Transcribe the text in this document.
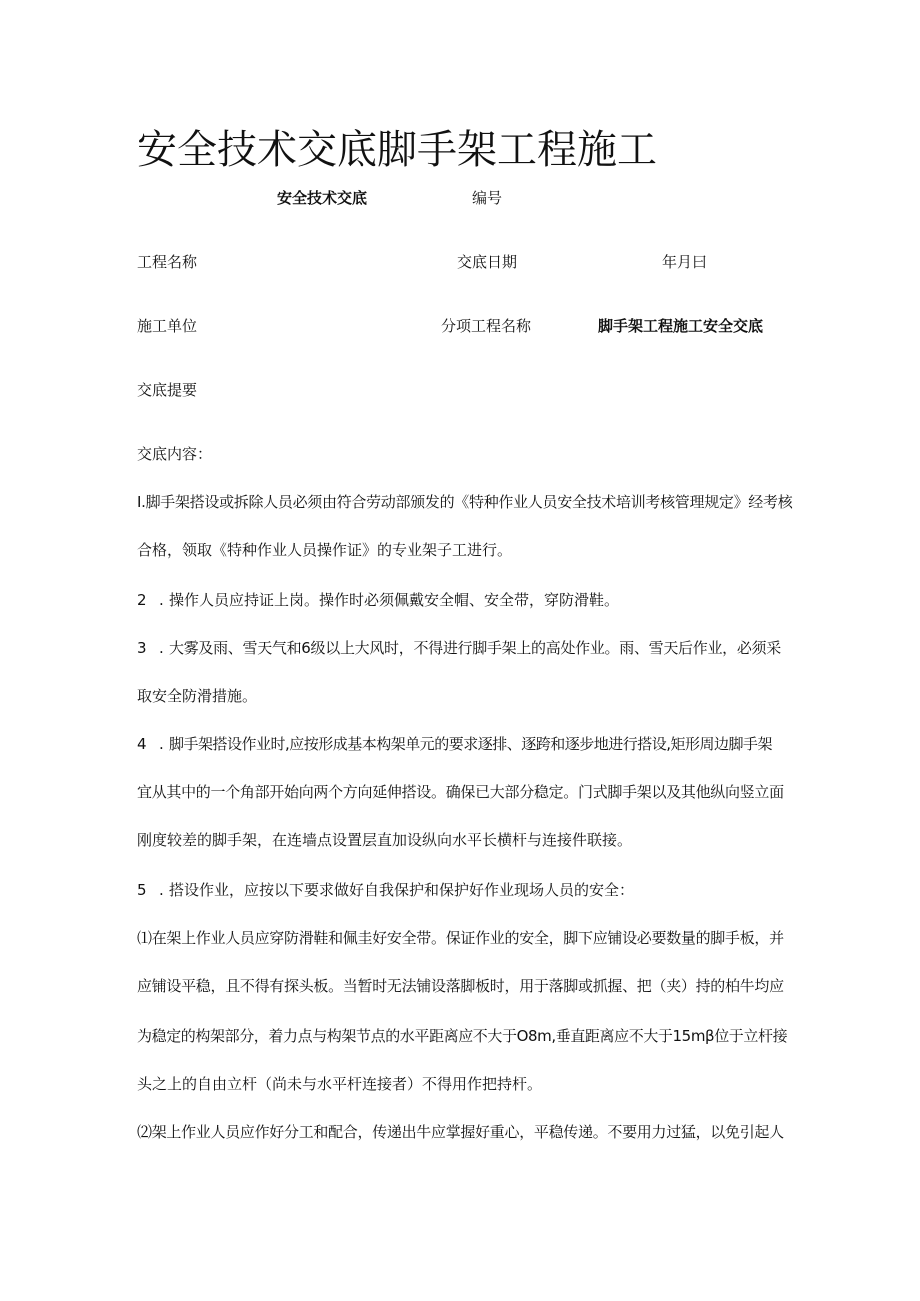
安全技术交底脚手架工程施工
安全技术交底	编号
工程名称	交底日期	年月曰
施工单位	分项工程名称	脚手架工程施工安全交底
交底提要
交底内容：
I.脚手架搭设或拆除人员必须由符合劳动部颁发的《特种作业人员安全技术培训考核管理规定》经考核
合格，领取《特种作业人员操作证》的专业架子工进行。
2 . 操作人员应持证上岗。操作时必须佩戴安全帽、安全带，穿防滑鞋。
3 . 大雾及雨、雪天气和6级以上大风时，不得进行脚手架上的高处作业。雨、雪天后作业，必须采
取安全防滑措施。
4 . 脚手架搭设作业时,应按形成基本构架单元的要求逐排、逐跨和逐步地进行搭设,矩形周边脚手架
宜从其中的一个角部开始向两个方向延伸搭设。确保已大部分稳定。门式脚手架以及其他纵向竖立面
刚度较差的脚手架，在连墙点设置层直加设纵向水平长横杆与连接件联接。
5 . 搭设作业，应按以下要求做好自我保护和保护好作业现场人员的安全：
⑴在架上作业人员应穿防滑鞋和佩圭好安全带。保证作业的安全，脚下应铺设必要数量的脚手板，并
应铺设平稳，且不得有探头板。当暂时无法铺设落脚板时，用于落脚或抓握、把（夹）持的柏牛均应
为稳定的构架部分，着力点与构架节点的水平距离应不大于O8m,垂直距离应不大于15mβ位于立杆接
头之上的自由立杆（尚未与水平杆连接者）不得用作把持杆。
⑵架上作业人员应作好分工和配合，传递出牛应掌握好重心，平稳传递。不要用力过猛，以免引起人
